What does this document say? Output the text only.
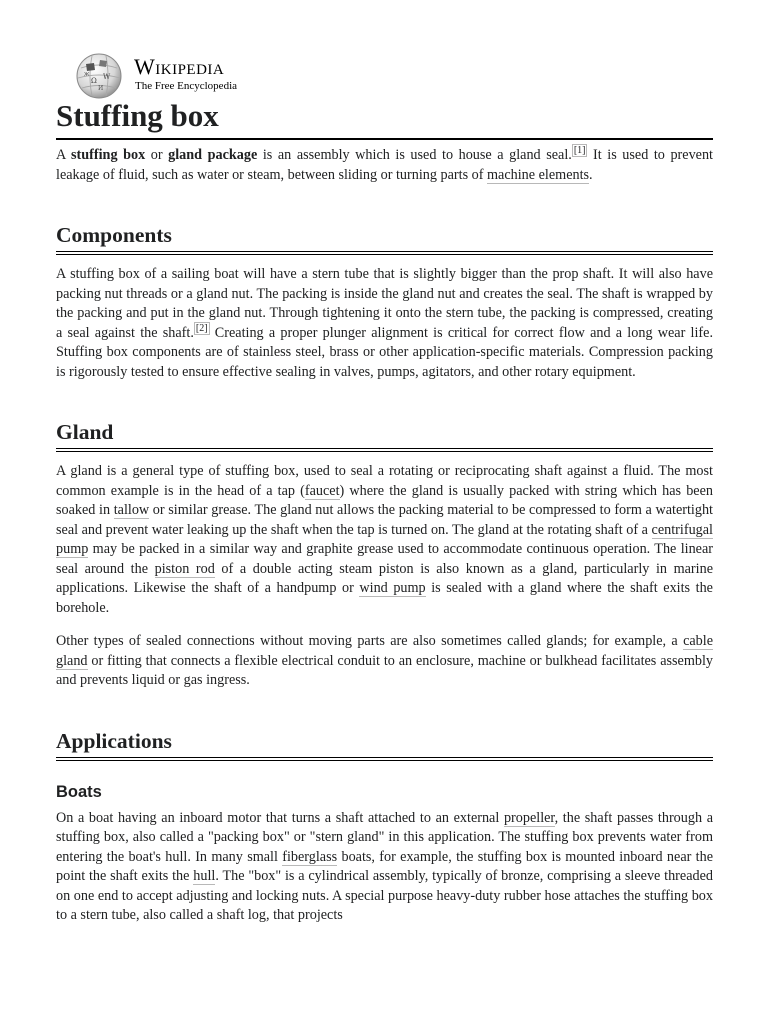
Ω W
И
Ж Wikipedia
The Free Encyclopedia
Stuffing box

A stuffing box or gland package is an assembly which is used to house a gland seal. [1] It is used to prevent leakage of fluid, such as water or steam, between sliding or turning parts of machine elements.

Components

A stuffing box of a sailing boat will have a stern tube that is slightly bigger than the prop shaft. It will also have packing nut threads or a gland nut. The packing is inside the gland nut and creates the seal. The shaft is wrapped by the packing and put in the gland nut. Through tightening it onto the stern tube, the packing is compressed, creating a seal against the shaft. [2] Creating a proper plunger alignment is critical for correct flow and a long wear life. Stuffing box components are of stainless steel, brass or other application-specific materials. Compression packing is rigorously tested to ensure effective sealing in valves, pumps, agitators, and other rotary equipment.

Gland

A gland is a general type of stuffing box, used to seal a rotating or reciprocating shaft against a fluid. The most common example is in the head of a tap (faucet) where the gland is usually packed with string which has been soaked in tallow or similar grease. The gland nut allows the packing material to be compressed to form a watertight seal and prevent water leaking up the shaft when the tap is turned on. The gland at the rotating shaft of a centrifugal pump may be packed in a similar way and graphite grease used to accommodate continuous operation. The linear seal around the piston rod of a double acting steam piston is also known as a gland, particularly in marine applications. Likewise the shaft of a handpump or wind pump is sealed with a gland where the shaft exits the borehole.

Other types of sealed connections without moving parts are also sometimes called glands; for example, a cable gland or fitting that connects a flexible electrical conduit to an enclosure, machine or bulkhead facilitates assembly and prevents liquid or gas ingress.

Applications
Boats

On a boat having an inboard motor that turns a shaft attached to an external propeller, the shaft passes through a stuffing box, also called a "packing box" or "stern gland" in this application. The stuffing box prevents water from entering the boat's hull. In many small fiberglass boats, for example, the stuffing box is mounted inboard near the point the shaft exits the hull. The "box" is a cylindrical assembly, typically of bronze, comprising a sleeve threaded on one end to accept adjusting and locking nuts. A special purpose heavy-duty rubber hose attaches the stuffing box to a stern tube, also called a shaft log, that projects
